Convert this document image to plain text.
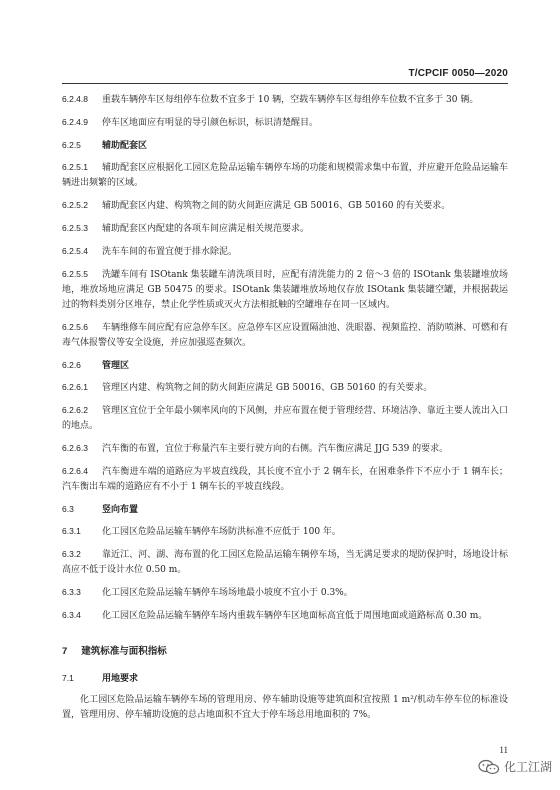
T/CPCIF 0050—2020
6.2.4.8 重载车辆停车区每组停车位数不宜多于 10 辆，空载车辆停车区每组停车位数不宜多于 30 辆。
6.2.4.9 停车区地面应有明显的导引颜色标识，标识清楚醒目。
6.2.5 辅助配套区
6.2.5.1 辅助配套区应根据化工园区危险品运输车辆停车场的功能和规模需求集中布置，并应避开危险品运输车辆进出频繁的区域。
6.2.5.2 辅助配套区内建、构筑物之间的防火间距应满足 GB 50016、GB 50160 的有关要求。
6.2.5.3 辅助配套区内配建的各项车间应满足相关规范要求。
6.2.5.4 洗车车间的布置宜便于排水除泥。
6.2.5.5 洗罐车间有 ISOtank 集装罐车清洗项目时，应配有清洗能力的 2 倍～3 倍的 ISOtank 集装罐堆放场地，堆放场地应满足 GB 50475 的要求。ISOtank 集装罐堆放场地仅存放 ISOtank 集装罐空罐，并根据载运过的物料类别分区堆存，禁止化学性质或灭火方法相抵触的空罐堆存在同一区域内。
6.2.5.6 车辆维修车间应配有应急停车区。应急停车区应设置隔油池、洗眼器、视频监控、消防喷淋、可燃和有毒气体报警仪等安全设施，并应加强巡查频次。
6.2.6 管理区
6.2.6.1 管理区内建、构筑物之间的防火间距应满足 GB 50016、GB 50160 的有关要求。
6.2.6.2 管理区宜位于全年最小频率风向的下风侧，并应布置在便于管理经营、环境洁净、靠近主要人流出入口的地点。
6.2.6.3 汽车衡的布置，宜位于称量汽车主要行驶方向的右侧。汽车衡应满足 JJG 539 的要求。
6.2.6.4 汽车衡进车端的道路应为平坡直线段，其长度不宜小于 2 辆车长，在困难条件下不应小于 1 辆车长；汽车衡出车端的道路应有不小于 1 辆车长的平坡直线段。
6.3	竖向布置
6.3.1 化工园区危险品运输车辆停车场防洪标准不应低于 100 年。
6.3.2 靠近江、河、湖、海布置的化工园区危险品运输车辆停车场，当无满足要求的堤防保护时，场地设计标高应不低于设计水位 0.50 m。
6.3.3 化工园区危险品运输车辆停车场场地最小坡度不宜小于 0.3%。
6.3.4 化工园区危险品运输车辆停车场内重载车辆停车区地面标高宜低于周围地面或道路标高 0.30 m。
7 建筑标准与面积指标
7.1	用地要求
化工园区危险品运输车辆停车场的管理用房、停车辅助设施等建筑面积宜按照 1 m²/机动车停车位的标准设置，管理用房、停车辅助设施的总占地面积不宜大于停车场总用地面积的 7%。
11
化工江湖
